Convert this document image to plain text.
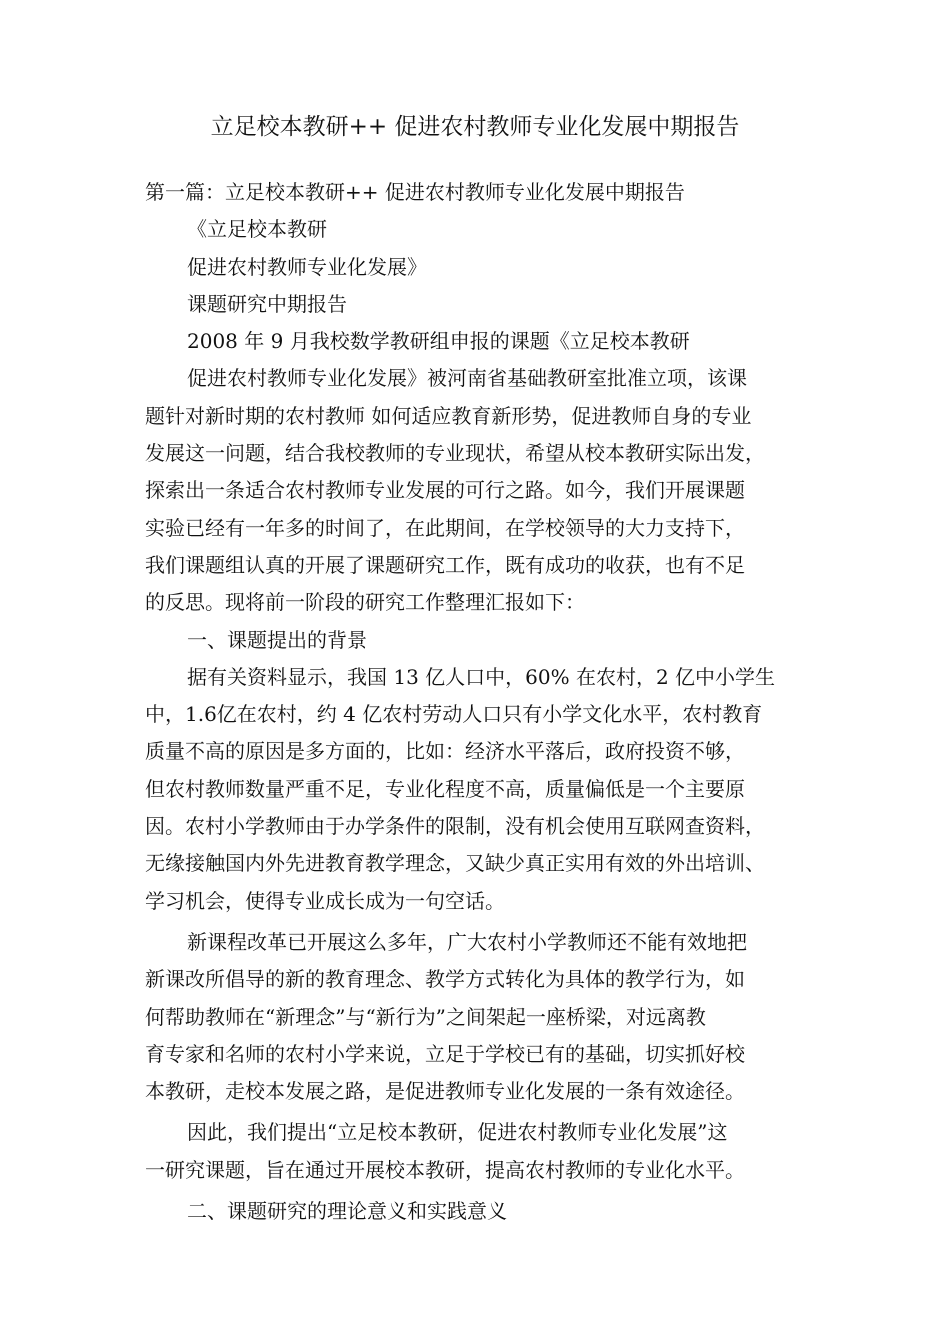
立足校本教研++ 促进农村教师专业化发展中期报告

第一篇：立足校本教研++ 促进农村教师专业化发展中期报告

《立足校本教研

促进农村教师专业化发展》

课题研究中期报告

2008 年 9 月我校数学教研组申报的课题《立足校本教研

促进农村教师专业化发展》被河南省基础教研室批准立项，该课

题针对新时期的农村教师 如何适应教育新形势，促进教师自身的专业

发展这一问题，结合我校教师的专业现状，希望从校本教研实际出发，

探索出一条适合农村教师专业发展的可行之路。如今，我们开展课题

实验已经有一年多的时间了，在此期间，在学校领导的大力支持下，

我们课题组认真的开展了课题研究工作，既有成功的收获，也有不足

的反思。现将前一阶段的研究工作整理汇报如下：

一、课题提出的背景

据有关资料显示，我国 13 亿人口中，60% 在农村，2 亿中小学生

中，1.6亿在农村，约 4 亿农村劳动人口只有小学文化水平，农村教育

质量不高的原因是多方面的，比如：经济水平落后，政府投资不够，

但农村教师数量严重不足，专业化程度不高，质量偏低是一个主要原

因。农村小学教师由于办学条件的限制，没有机会使用互联网查资料，

无缘接触国内外先进教育教学理念，又缺少真正实用有效的外出培训、

学习机会，使得专业成长成为一句空话。

新课程改革已开展这么多年，广大农村小学教师还不能有效地把

新课改所倡导的新的教育理念、教学方式转化为具体的教学行为，如

何帮助教师在“新理念”与“新行为”之间架起一座桥梁，对远离教

育专家和名师的农村小学来说，立足于学校已有的基础，切实抓好校

本教研，走校本发展之路，是促进教师专业化发展的一条有效途径。

因此，我们提出“立足校本教研，促进农村教师专业化发展”这

一研究课题，旨在通过开展校本教研，提高农村教师的专业化水平。

二、课题研究的理论意义和实践意义
